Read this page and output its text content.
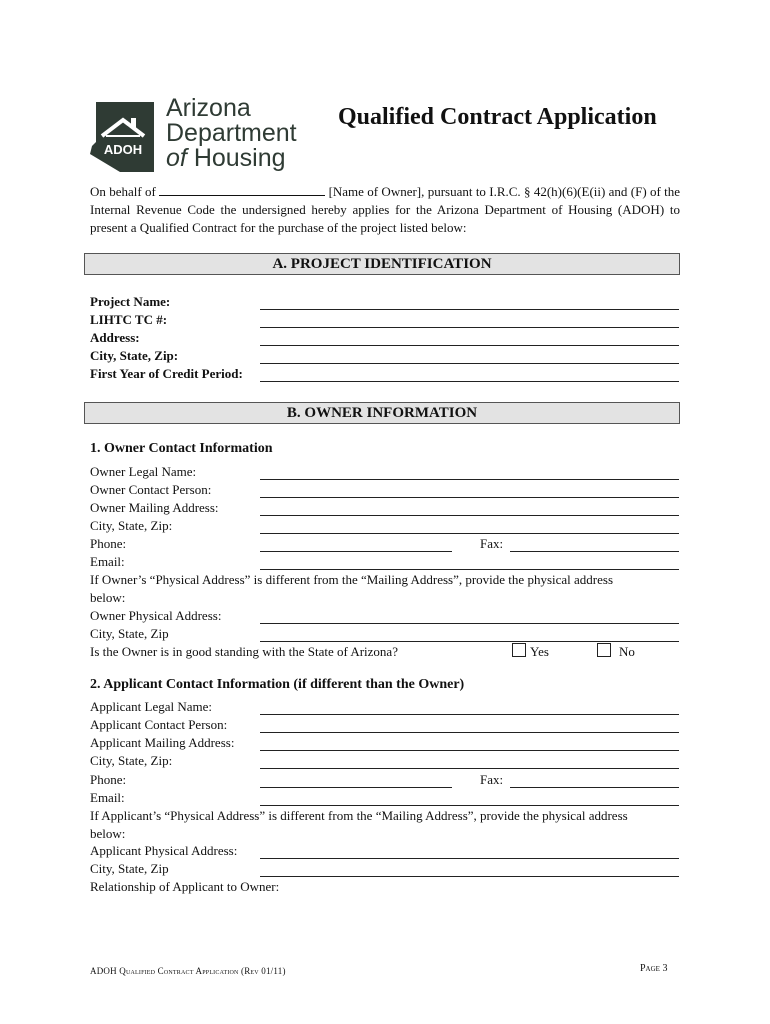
ADOH
Arizona
Department
of Housing
Qualified Contract Application
On behalf of	[Name of Owner], pursuant to I.R.C. § 42(h)(6)(E(ii) and (F) of the Internal Revenue Code the undersigned hereby applies for the Arizona Department of Housing (ADOH) to present a Qualified Contract for the purchase of the project listed below:
A. PROJECT IDENTIFICATION
Project Name:
LIHTC TC #:
Address:
City, State, Zip:
First Year of Credit Period:
B. OWNER INFORMATION
1. Owner Contact Information
Owner Legal Name:
Owner Contact Person:
Owner Mailing Address:
City, State, Zip:
Phone:	Fax:
Email:
If Owner’s “Physical Address” is different from the “Mailing Address”, provide the physical address
below:
Owner Physical Address:
City, State, Zip
Is the Owner is in good standing with the State of Arizona?	Yes	No
2. Applicant Contact Information (if different than the Owner)
Applicant Legal Name:
Applicant Contact Person:
Applicant Mailing Address:
City, State, Zip:
Phone:	Fax:
Email:
If Applicant’s “Physical Address” is different from the “Mailing Address”, provide the physical address
below:
Applicant Physical Address:
City, State, Zip
Relationship of Applicant to Owner:
ADOH Qualified Contract Application (Rev 01/11)	Page 3
